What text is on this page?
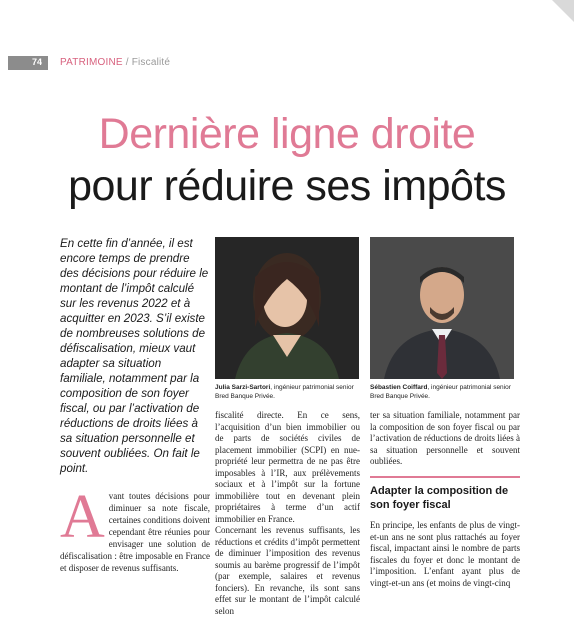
74 PATRIMOINE / Fiscalité
Dernière ligne droite
pour réduire ses impôts

En cette fin d’année, il est encore temps de prendre des décisions pour réduire le montant de l’impôt calculé sur les revenus 2022 et à acquitter en 2023. S’il existe de nombreuses solutions de défiscalisation, mieux vaut adapter sa situation familiale, notamment par la composition de son foyer fiscal, ou par l’activation de réductions de droits liées à sa situation personnelle et souvent oubliées. On fait le point.

A vant toutes décisions pour diminuer sa note fiscale, certaines conditions doivent cependant être réunies pour envisager une solution de défiscalisation : être imposable en France et disposer de revenus suffisants.

Julia Sarzi-Sartori, ingénieur patrimonial senior Bred Banque Privée.
Sébastien Coiffard, ingénieur patrimonial senior Bred Banque Privée.

fiscalité directe. En ce sens, l’acquisition d’un bien immobilier ou de parts de sociétés civiles de placement immobilier (SCPI) en nue-propriété leur permettra de ne pas être imposables à l’IR, aux prélèvements sociaux et à l’impôt sur la fortune immobilière tout en devenant plein propriétaires à terme d’un actif immobilier en France.

Concernant les revenus suffisants, les réductions et crédits d’impôt permettent de diminuer l’imposition des revenus soumis au barème progressif de l’impôt (par exemple, salaires et revenus fonciers). En revanche, ils sont sans effet sur le montant de l’impôt calculé selon

ter sa situation familiale, notamment par la composition de son foyer fiscal ou par l’activation de réductions de droits liées à sa situation personnelle et souvent oubliées.

Adapter la composition de son foyer fiscal

En principe, les enfants de plus de vingt-et-un ans ne sont plus rattachés au foyer fiscal, impactant ainsi le nombre de parts fiscales du foyer et donc le montant de l’imposition. L’enfant ayant plus de vingt-et-un ans (et moins de vingt-cinq
